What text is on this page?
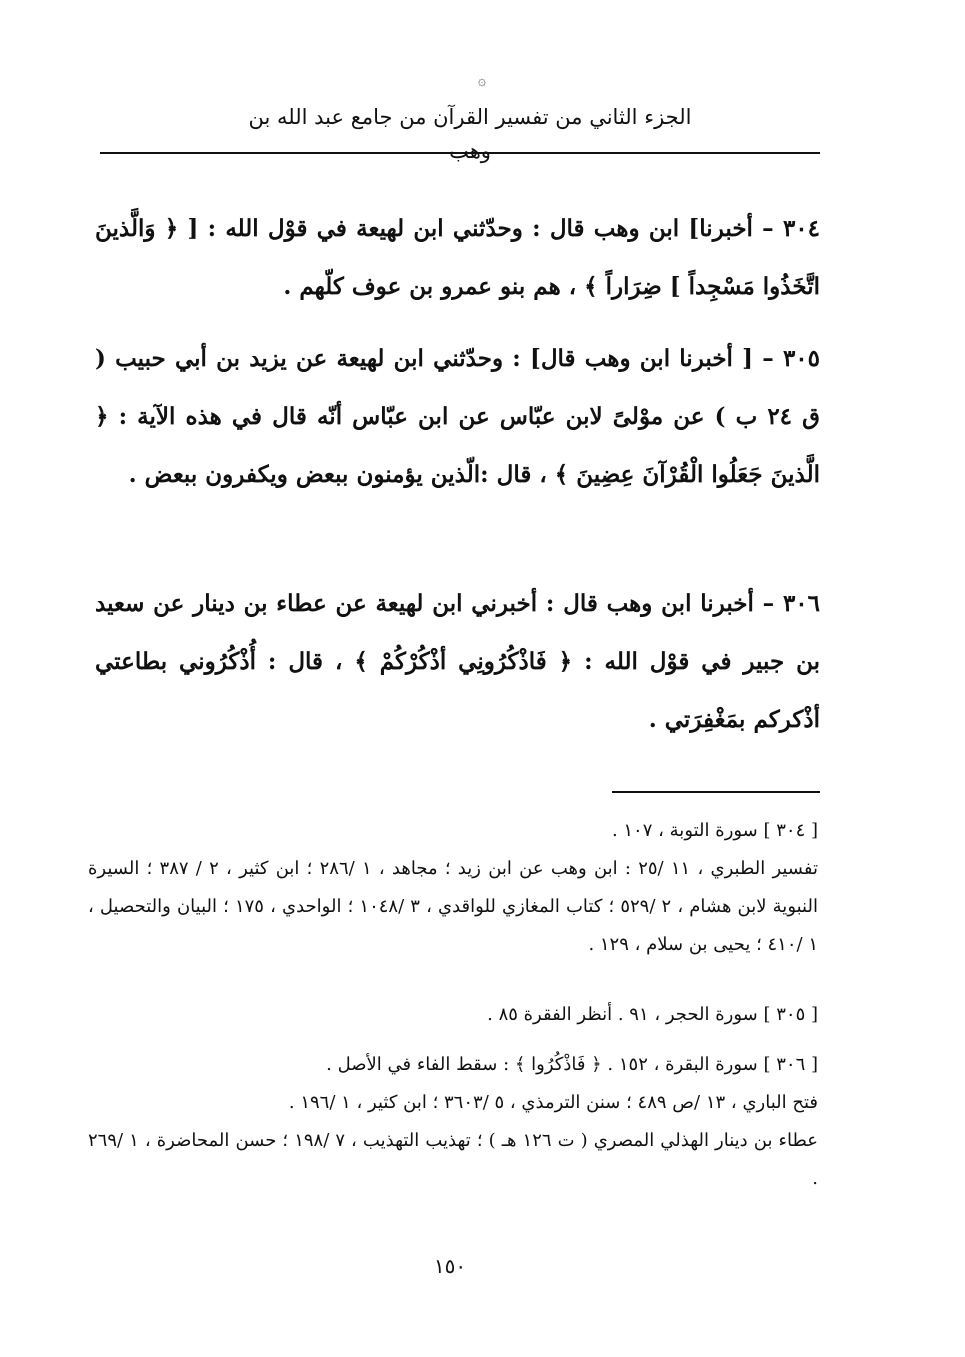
۞
الجزء الثاني من تفسير القرآن من جامع عبد الله بن وهب
٣٠٤ – أخبرنا] ابن وهب قال : وحدّثني ابن لهيعة في قوْل الله : [ ﴿ وَالَّذينَ اتَّخَذُوا مَسْجِداً ] ضِرَاراً ﴾ ، هم بنو عمرو بن عوف كلّهم .
٣٠٥ – [ أخبرنا ابن وهب قال] : وحدّثني ابن لهيعة عن يزيد بن أبي حبيب ( ق ٢٤ ب ) عن موْلىً لابن عبّاس عن ابن عبّاس أنّه قال في هذه الآية : ﴿ الَّذينَ جَعَلُوا الْقُرْآنَ عِضِينَ ﴾ ، قال :الّذين يؤمنون ببعض ويكفرون ببعض .
٣٠٦ – أخبرنا ابن وهب قال : أخبرني ابن لهيعة عن عطاء بن دينار عن سعيد بن جبير في قوْل الله : ﴿ فَاذْكُرُونِي أذْكُرْكُمْ ﴾ ، قال : أُذْكُرُوني بطاعتي أذْكركم بمَغْفِرَتي .
[ ٣٠٤ ] سورة التوبة ، ١٠٧ .
تفسير الطبري ، ١١ /٢٥ : ابن وهب عن ابن زيد ؛ مجاهد ، ١ /٢٨٦ ؛ ابن كثير ، ٢ / ٣٨٧ ؛ السيرة النبوية لابن هشام ، ٢ /٥٢٩ ؛ كتاب المغازي للواقدي ، ٣ /١٠٤٨ ؛ الواحدي ، ١٧٥ ؛ البيان والتحصيل ، ١ /٤١٠ ؛ يحيى بن سلام ، ١٢٩ .
[ ٣٠٥ ] سورة الحجر ، ٩١ . أنظر الفقرة ٨٥ .
[ ٣٠٦ ] سورة البقرة ، ١٥٢ . ﴿ فَاذْكُرُوا ﴾ : سقط الفاء في الأصل .
فتح الباري ، ١٣ /ص ٤٨٩ ؛ سنن الترمذي ، ٥ /٣٦٠٣ ؛ ابن كثير ، ١ /١٩٦ .
عطاء بن دينار الهذلي المصري ( ت ١٢٦ هـ ) ؛ تهذيب التهذيب ، ٧ /١٩٨ ؛ حسن المحاضرة ، ١ /٢٦٩ .
١٥٠
